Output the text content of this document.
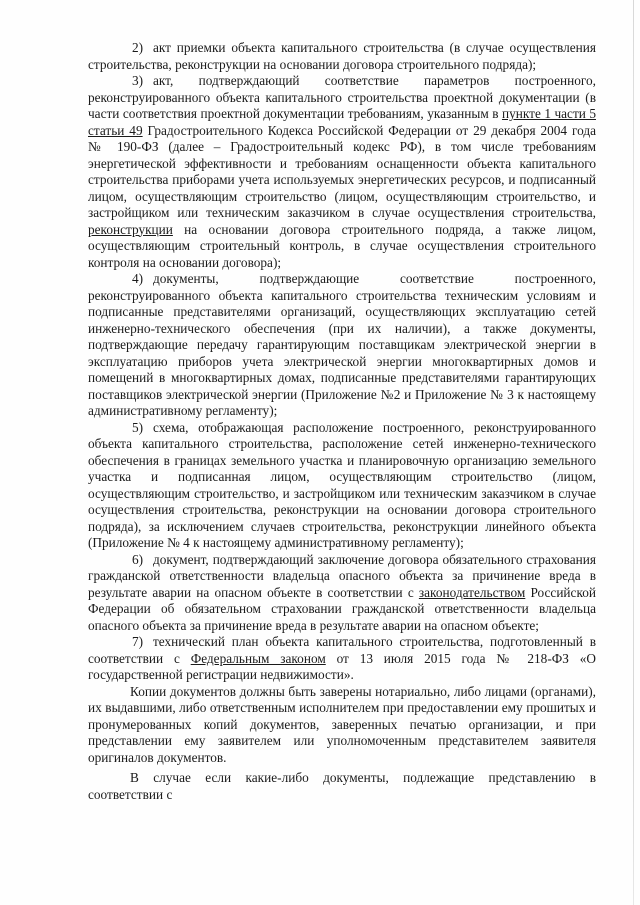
2) акт приемки объекта капитального строительства (в случае осуществления строительства, реконструкции на основании договора строительного подряда);

3) акт, подтверждающий соответствие параметров построенного, реконструированного объекта капитального строительства проектной документации (в части соответствия проектной документации требованиям, указанным в пункте 1 части 5 статьи 49 Градостроительного Кодекса Российской Федерации от 29 декабря 2004 года № 190-ФЗ (далее – Градостроительный кодекс РФ), в том числе требованиям энергетической эффективности и требованиям оснащенности объекта капитального строительства приборами учета используемых энергетических ресурсов, и подписанный лицом, осуществляющим строительство (лицом, осуществляющим строительство, и застройщиком или техническим заказчиком в случае осуществления строительства, реконструкции на основании договора строительного подряда, а также лицом, осуществляющим строительный контроль, в случае осуществления строительного контроля на основании договора);

4) документы, подтверждающие соответствие построенного, реконструированного объекта капитального строительства техническим условиям и подписанные представителями организаций, осуществляющих эксплуатацию сетей инженерно-технического обеспечения (при их наличии), а также документы, подтверждающие передачу гарантирующим поставщикам электрической энергии в эксплуатацию приборов учета электрической энергии многоквартирных домов и помещений в многоквартирных домах, подписанные представителями гарантирующих поставщиков электрической энергии (Приложение №2 и Приложение № 3 к настоящему административному регламенту);

5) схема, отображающая расположение построенного, реконструированного объекта капитального строительства, расположение сетей инженерно-технического обеспечения в границах земельного участка и планировочную организацию земельного участка и подписанная лицом, осуществляющим строительство (лицом, осуществляющим строительство, и застройщиком или техническим заказчиком в случае осуществления строительства, реконструкции на основании договора строительного подряда), за исключением случаев строительства, реконструкции линейного объекта (Приложение № 4 к настоящему административному регламенту);

6) документ, подтверждающий заключение договора обязательного страхования гражданской ответственности владельца опасного объекта за причинение вреда в результате аварии на опасном объекте в соответствии с законодательством Российской Федерации об обязательном страховании гражданской ответственности владельца опасного объекта за причинение вреда в результате аварии на опасном объекте;

7) технический план объекта капитального строительства, подготовленный в соответствии с Федеральным законом от 13 июля 2015 года № 218-ФЗ «О государственной регистрации недвижимости».

Копии документов должны быть заверены нотариально, либо лицами (органами), их выдавшими, либо ответственным исполнителем при предоставлении ему прошитых и пронумерованных копий документов, заверенных печатью организации, и при представлении ему заявителем или уполномоченным представителем заявителя оригиналов документов.

В случае если какие-либо документы, подлежащие представлению в соответствии с
